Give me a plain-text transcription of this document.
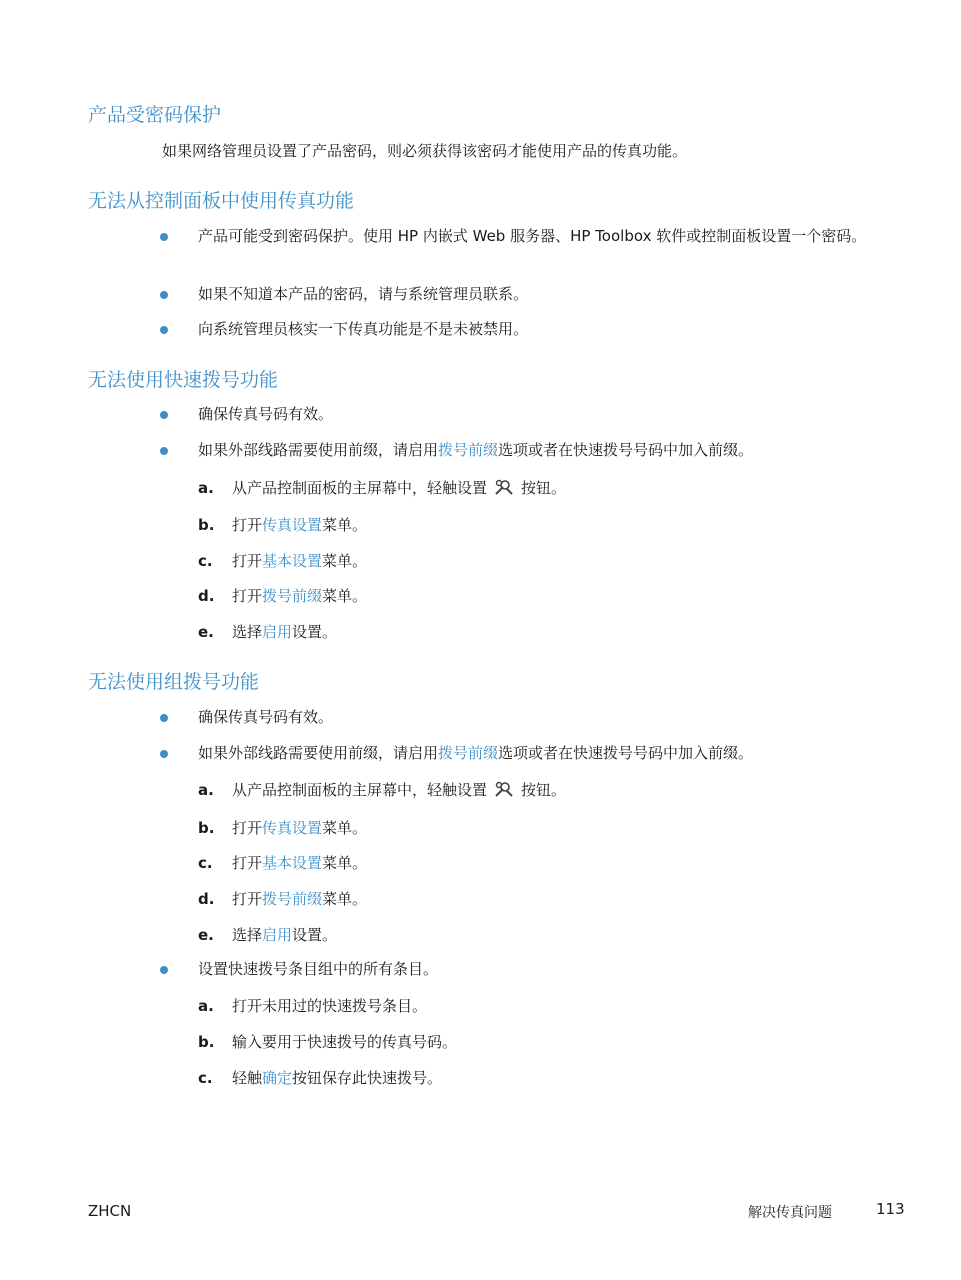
产品受密码保护
如果网络管理员设置了产品密码，则必须获得该密码才能使用产品的传真功能。
无法从控制面板中使用传真功能
产品可能受到密码保护。使用 HP 内嵌式 Web 服务器、HP Toolbox 软件或控制面板设置一个密码。
如果不知道本产品的密码，请与系统管理员联系。
向系统管理员核实一下传真功能是不是未被禁用。
无法使用快速拨号功能
确保传真号码有效。
如果外部线路需要使用前缀，请启用拨号前缀选项或者在快速拨号号码中加入前缀。
a. 从产品控制面板的主屏幕中，轻触设置 按钮。
b. 打开传真设置菜单。
c. 打开基本设置菜单。
d. 打开拨号前缀菜单。
e. 选择启用设置。
无法使用组拨号功能
确保传真号码有效。
如果外部线路需要使用前缀，请启用拨号前缀选项或者在快速拨号号码中加入前缀。
a. 从产品控制面板的主屏幕中，轻触设置 按钮。
b. 打开传真设置菜单。
c. 打开基本设置菜单。
d. 打开拨号前缀菜单。
e. 选择启用设置。
设置快速拨号条目组中的所有条目。
a. 打开未用过的快速拨号条目。
b. 输入要用于快速拨号的传真号码。
c. 轻触确定按钮保存此快速拨号。
ZHCN	解决传真问题	113
